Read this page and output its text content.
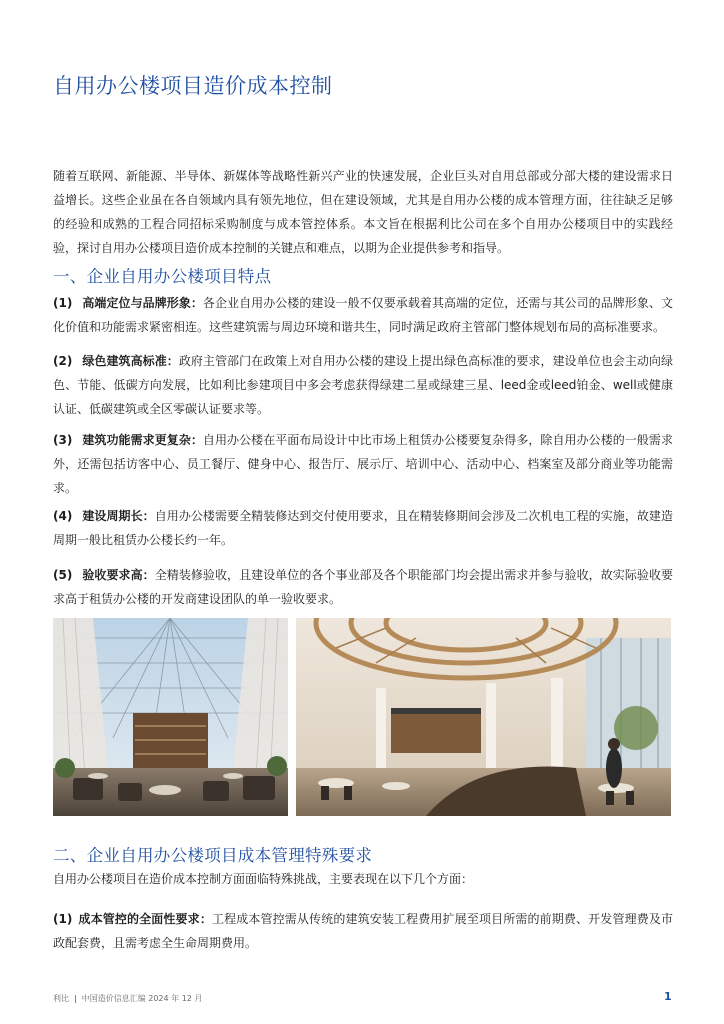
自用办公楼项目造价成本控制

随着互联网、新能源、半导体、新媒体等战略性新兴产业的快速发展，企业巨头对自用总部或分部大楼的建设需求日益增长。这些企业虽在各自领域内具有领先地位，但在建设领域，尤其是自用办公楼的成本管理方面，往往缺乏足够的经验和成熟的工程合同招标采购制度与成本管控体系。本文旨在根据利比公司在多个自用办公楼项目中的实践经验，探讨自用办公楼项目造价成本控制的关键点和难点，以期为企业提供参考和指导。

一、企业自用办公楼项目特点
(1) 高端定位与品牌形象：各企业自用办公楼的建设一般不仅要承载着其高端的定位，还需与其公司的品牌形象、文化价值和功能需求紧密相连。这些建筑需与周边环境和谐共生，同时满足政府主管部门整体规划布局的高标准要求。
(2) 绿色建筑高标准：政府主管部门在政策上对自用办公楼的建设上提出绿色高标准的要求，建设单位也会主动向绿色、节能、低碳方向发展，比如利比参建项目中多会考虑获得绿建二星或绿建三星、leed金或leed铂金、well或健康认证、低碳建筑或全区零碳认证要求等。
(3) 建筑功能需求更复杂：自用办公楼在平面布局设计中比市场上租赁办公楼要复杂得多，除自用办公楼的一般需求外，还需包括访客中心、员工餐厅、健身中心、报告厅、展示厅、培训中心、活动中心、档案室及部分商业等功能需求。
(4) 建设周期长：自用办公楼需要全精装修达到交付使用要求，且在精装修期间会涉及二次机电工程的实施，故建造周期一般比租赁办公楼长约一年。
(5) 验收要求高：全精装修验收，且建设单位的各个事业部及各个职能部门均会提出需求并参与验收，故实际验收要求高于租赁办公楼的开发商建设团队的单一验收要求。
二、企业自用办公楼项目成本管理特殊要求
自用办公楼项目在造价成本控制方面面临特殊挑战，主要表现在以下几个方面：
(1) 成本管控的全面性要求：工程成本管控需从传统的建筑安装工程费用扩展至项目所需的前期费、开发管理费及市政配套费，且需考虑全生命周期费用。
利比 | 中国造价信息汇编 2024 年 12 月	1
